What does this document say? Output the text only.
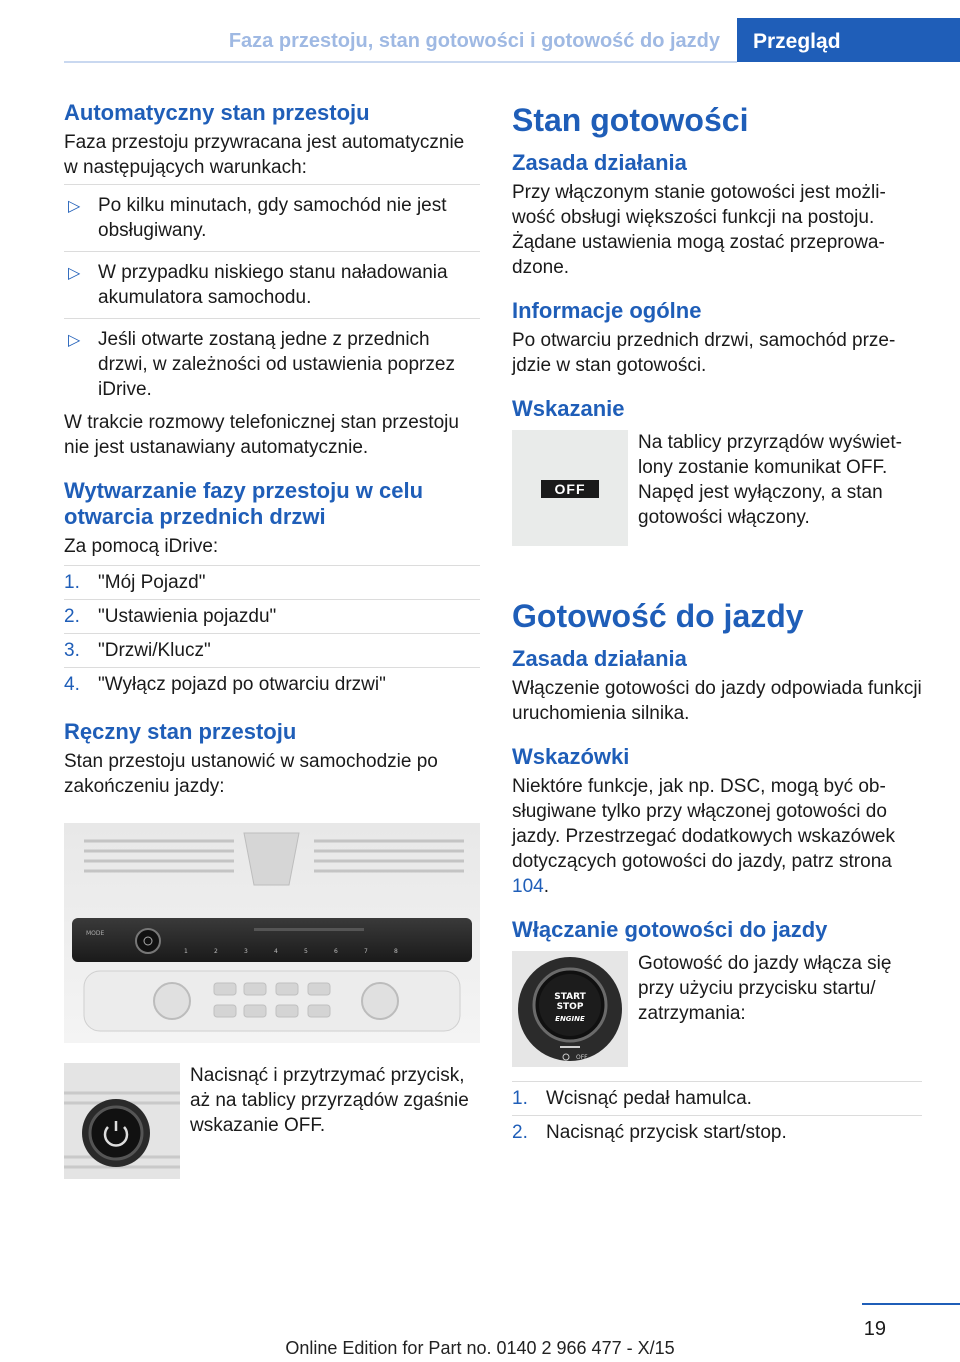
Faza przestoju, stan gotowości i gotowość do jazdy	Przegląd
Automatyczny stan przestoju

Faza przestoju przywracana jest automatycznie w następujących warunkach:

▷ Po kilku minutach, gdy samochód nie jest obsługiwany.
▷ W przypadku niskiego stanu naładowania akumulatora samochodu.
▷ Jeśli otwarte zostaną jedne z przednich drzwi, w zależności od ustawienia poprzez iDrive.

W trakcie rozmowy telefonicznej stan przestoju nie jest ustanawiany automatycznie.

Wytwarzanie fazy przestoju w celu otwarcia przednich drzwi

Za pomocą iDrive:

1. "Mój Pojazd"
2. "Ustawienia pojazdu"
3. "Drzwi/Klucz"
4. "Wyłącz pojazd po otwarciu drzwi"
Ręczny stan przestoju

Stan przestoju ustanowić w samochodzie po zakończeniu jazdy:

MODE
1	2	3	4	5	6	7	8

Nacisnąć i przytrzymać przycisk, aż na tablicy przyrządów zgaśnie wskazanie OFF.

Stan gotowości
Zasada działania

Przy włączonym stanie gotowości jest możliwość obsługi większości funkcji na postoju. Żądane ustawienia mogą zostać przeprowadzone.

Informacje ogólne

Po otwarciu przednich drzwi, samochód przejdzie w stan gotowości.

Wskazanie
OFF

Na tablicy przyrządów wyświetlony zostanie komunikat OFF. Napęd jest wyłączony, a stan gotowości włączony.

Gotowość do jazdy
Zasada działania

Włączenie gotowości do jazdy odpowiada funkcji uruchomienia silnika.

Wskazówki

Niektóre funkcje, jak np. DSC, mogą być obsługiwane tylko przy włączonej gotowości do jazdy. Przestrzegać dodatkowych wskazówek dotyczących gotowości do jazdy, patrz strona 104.

Włączanie gotowości do jazdy
START
STOP
ENGINE
OFF

Gotowość do jazdy włącza się przy użyciu przycisku startu/ zatrzymania:

1. Wcisnąć pedał hamulca.
2. Nacisnąć przycisk start/stop.
19
Online Edition for Part no. 0140 2 966 477 - X/15
